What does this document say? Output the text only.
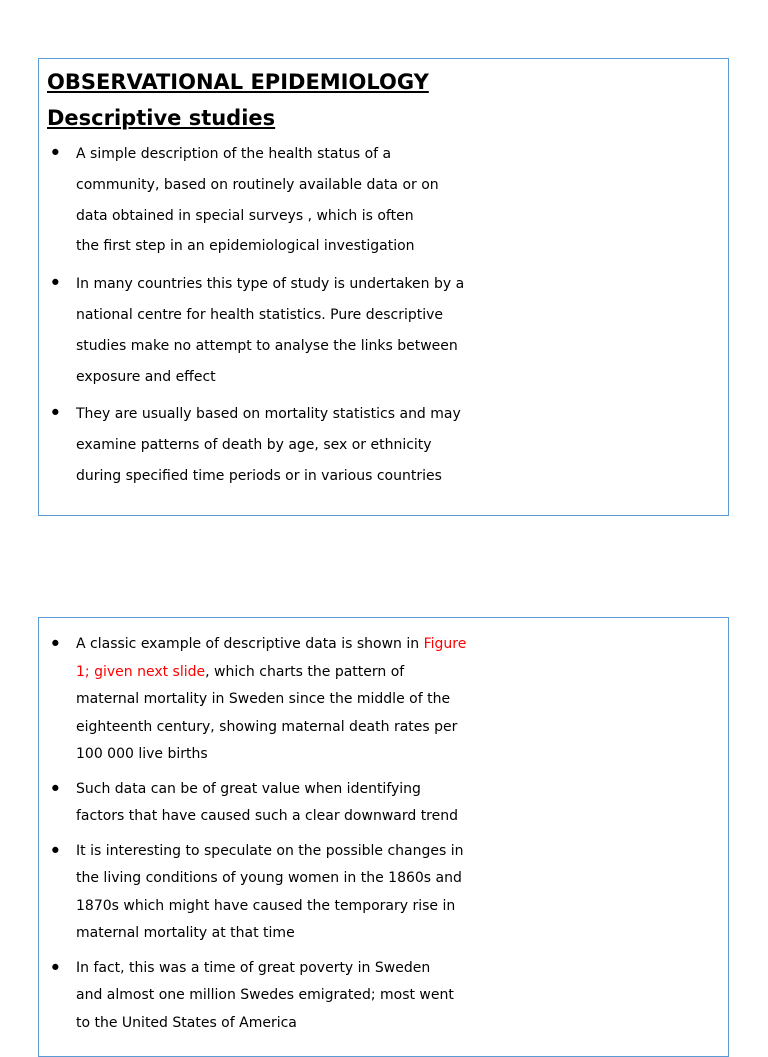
OBSERVATIONAL EPIDEMIOLOGY

Descriptive studies

• A simple description of the health status of a
community, based on routinely available data or on
data obtained in special surveys , which is often
the first step in an epidemiological investigation
• In many countries this type of study is undertaken by a
national centre for health statistics. Pure descriptive
studies make no attempt to analyse the links between
exposure and effect
• They are usually based on mortality statistics and may
examine patterns of death by age, sex or ethnicity
during specified time periods or in various countries
• A classic example of descriptive data is shown in Figure
1; given next slide, which charts the pattern of
maternal mortality in Sweden since the middle of the
eighteenth century, showing maternal death rates per
100 000 live births
• Such data can be of great value when identifying
factors that have caused such a clear downward trend
• It is interesting to speculate on the possible changes in
the living conditions of young women in the 1860s and
1870s which might have caused the temporary rise in
maternal mortality at that time
• In fact, this was a time of great poverty in Sweden
and almost one million Swedes emigrated; most went
to the United States of America
